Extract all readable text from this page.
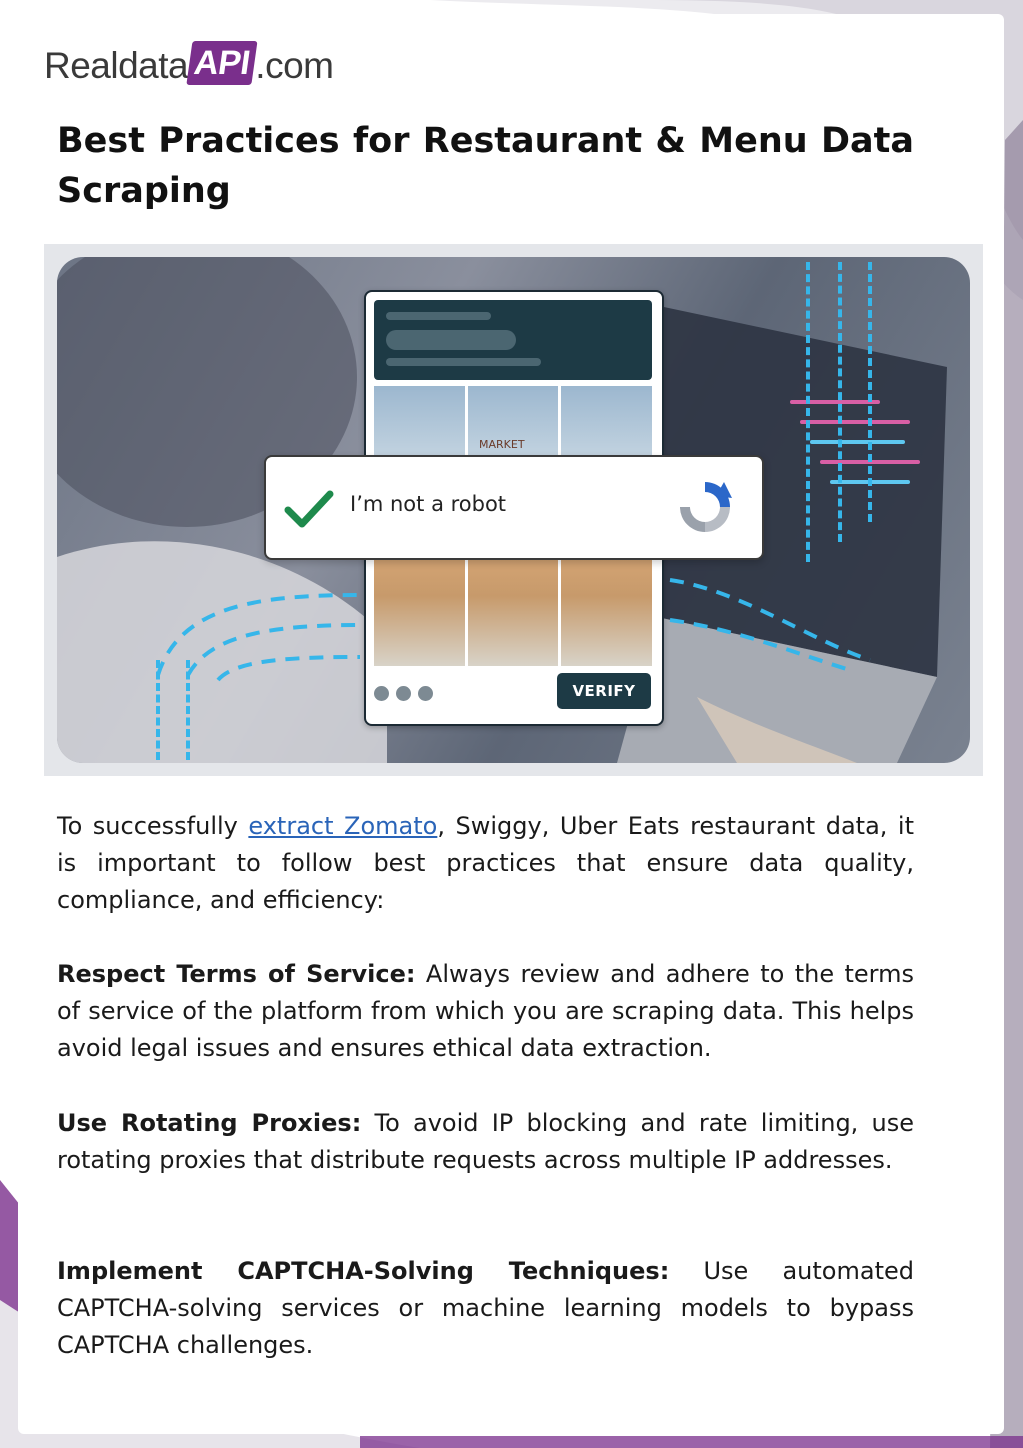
Realdata API .com
Best Practices for Restaurant & Menu Data Scraping
MARKET
I’m not a robot
VERIFY

To successfully extract Zomato, Swiggy, Uber Eats restaurant data, it is important to follow best practices that ensure data quality, compliance, and efficiency:

Respect Terms of Service: Always review and adhere to the terms of service of the platform from which you are scraping data. This helps avoid legal issues and ensures ethical data extraction.

Use Rotating Proxies: To avoid IP blocking and rate limiting, use rotating proxies that distribute requests across multiple IP addresses.

Implement CAPTCHA-Solving Techniques: Use automated CAPTCHA-solving services or machine learning models to bypass CAPTCHA challenges.
